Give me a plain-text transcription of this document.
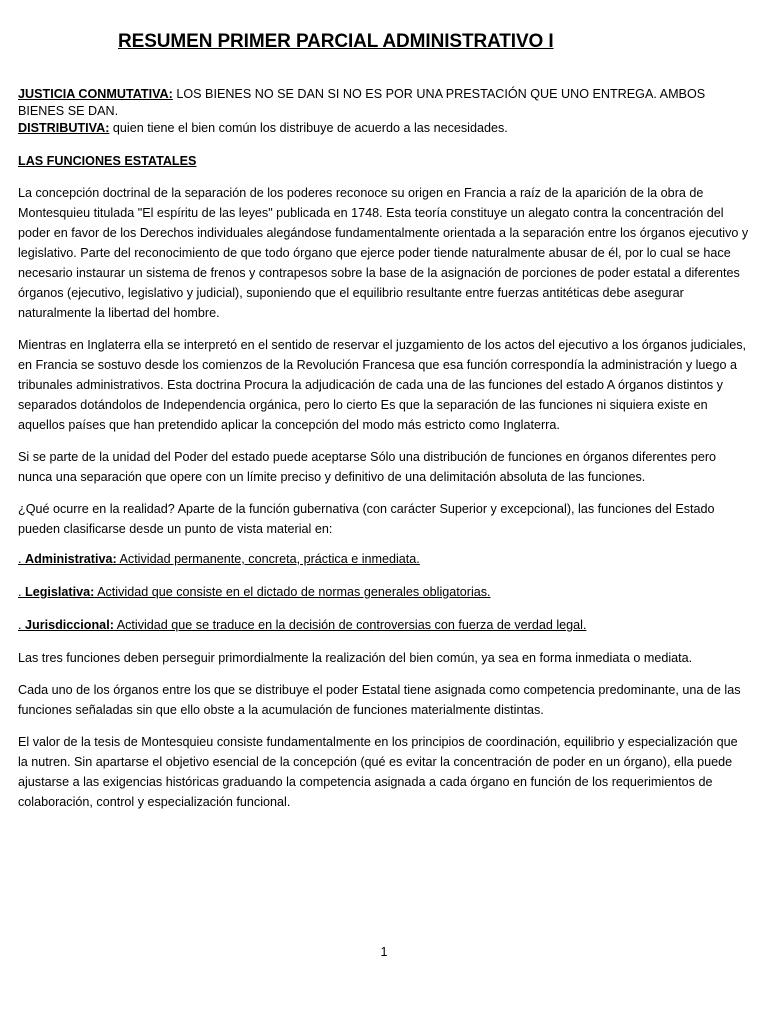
RESUMEN PRIMER PARCIAL ADMINISTRATIVO I

JUSTICIA CONMUTATIVA: LOS BIENES NO SE DAN SI NO ES POR UNA PRESTACIÓN QUE UNO ENTREGA. AMBOS BIENES SE DAN.

DISTRIBUTIVA: quien tiene el bien común los distribuye de acuerdo a las necesidades.

LAS FUNCIONES ESTATALES

La concepción doctrinal de la separación de los poderes reconoce su origen en Francia a raíz de la aparición de la obra de Montesquieu titulada "El espíritu de las leyes" publicada en 1748. Esta teoría constituye un alegato contra la concentración del poder en favor de los Derechos individuales alegándose fundamentalmente orientada a la separación entre los órganos ejecutivo y legislativo. Parte del reconocimiento de que todo órgano que ejerce poder tiende naturalmente abusar de él, por lo cual se hace necesario instaurar un sistema de frenos y contrapesos sobre la base de la asignación de porciones de poder estatal a diferentes órganos (ejecutivo, legislativo y judicial), suponiendo que el equilibrio resultante entre fuerzas antitéticas debe asegurar naturalmente la libertad del hombre.

Mientras en Inglaterra ella se interpretó en el sentido de reservar el juzgamiento de los actos del ejecutivo a los órganos judiciales, en Francia se sostuvo desde los comienzos de la Revolución Francesa que esa función correspondía la administración y luego a tribunales administrativos. Esta doctrina Procura la adjudicación de cada una de las funciones del estado A órganos distintos y separados dotándolos de Independencia orgánica, pero lo cierto Es que la separación de las funciones ni siquiera existe en aquellos países que han pretendido aplicar la concepción del modo más estricto como Inglaterra.

Si se parte de la unidad del Poder del estado puede aceptarse Sólo una distribución de funciones en órganos diferentes pero nunca una separación que opere con un límite preciso y definitivo de una delimitación absoluta de las funciones.

¿Qué ocurre en la realidad? Aparte de la función gubernativa (con carácter Superior y excepcional), las funciones del Estado pueden clasificarse desde un punto de vista material en:

. Administrativa: Actividad permanente, concreta, práctica e inmediata.
. Legislativa: Actividad que consiste en el dictado de normas generales obligatorias.
. Jurisdiccional: Actividad que se traduce en la decisión de controversias con fuerza de verdad legal.

Las tres funciones deben perseguir primordialmente la realización del bien común, ya sea en forma inmediata o mediata.

Cada uno de los órganos entre los que se distribuye el poder Estatal tiene asignada como competencia predominante, una de las funciones señaladas sin que ello obste a la acumulación de funciones materialmente distintas.

El valor de la tesis de Montesquieu consiste fundamentalmente en los principios de coordinación, equilibrio y especialización que la nutren. Sin apartarse el objetivo esencial de la concepción (qué es evitar la concentración de poder en un órgano), ella puede ajustarse a las exigencias históricas graduando la competencia asignada a cada órgano en función de los requerimientos de colaboración, control y especialización funcional.

1
